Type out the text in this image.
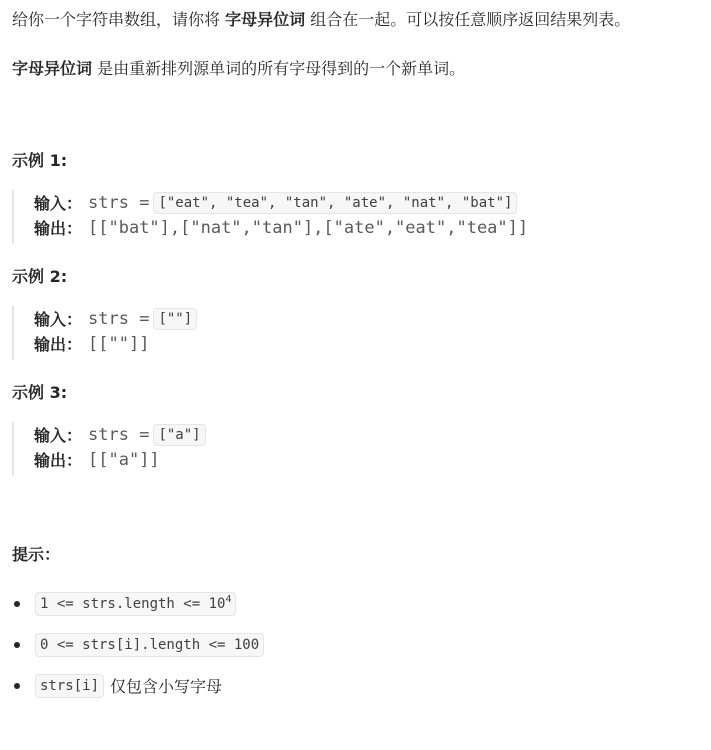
给你一个字符串数组，请你将 字母异位词 组合在一起。可以按任意顺序返回结果列表。

字母异位词 是由重新排列源单词的所有字母得到的一个新单词。

示例 1:
输入： strs = ["eat", "tea", "tan", "ate", "nat", "bat"]
输出： [["bat"],["nat","tan"],["ate","eat","tea"]]
示例 2:
输入： strs = [""]
输出： [[""]]
示例 3:
输入： strs = ["a"]
输出： [["a"]]
提示：
1 <= strs.length <= $10^4$
0 <= strs[i].length <= 100
strs[i] 仅包含小写字母
